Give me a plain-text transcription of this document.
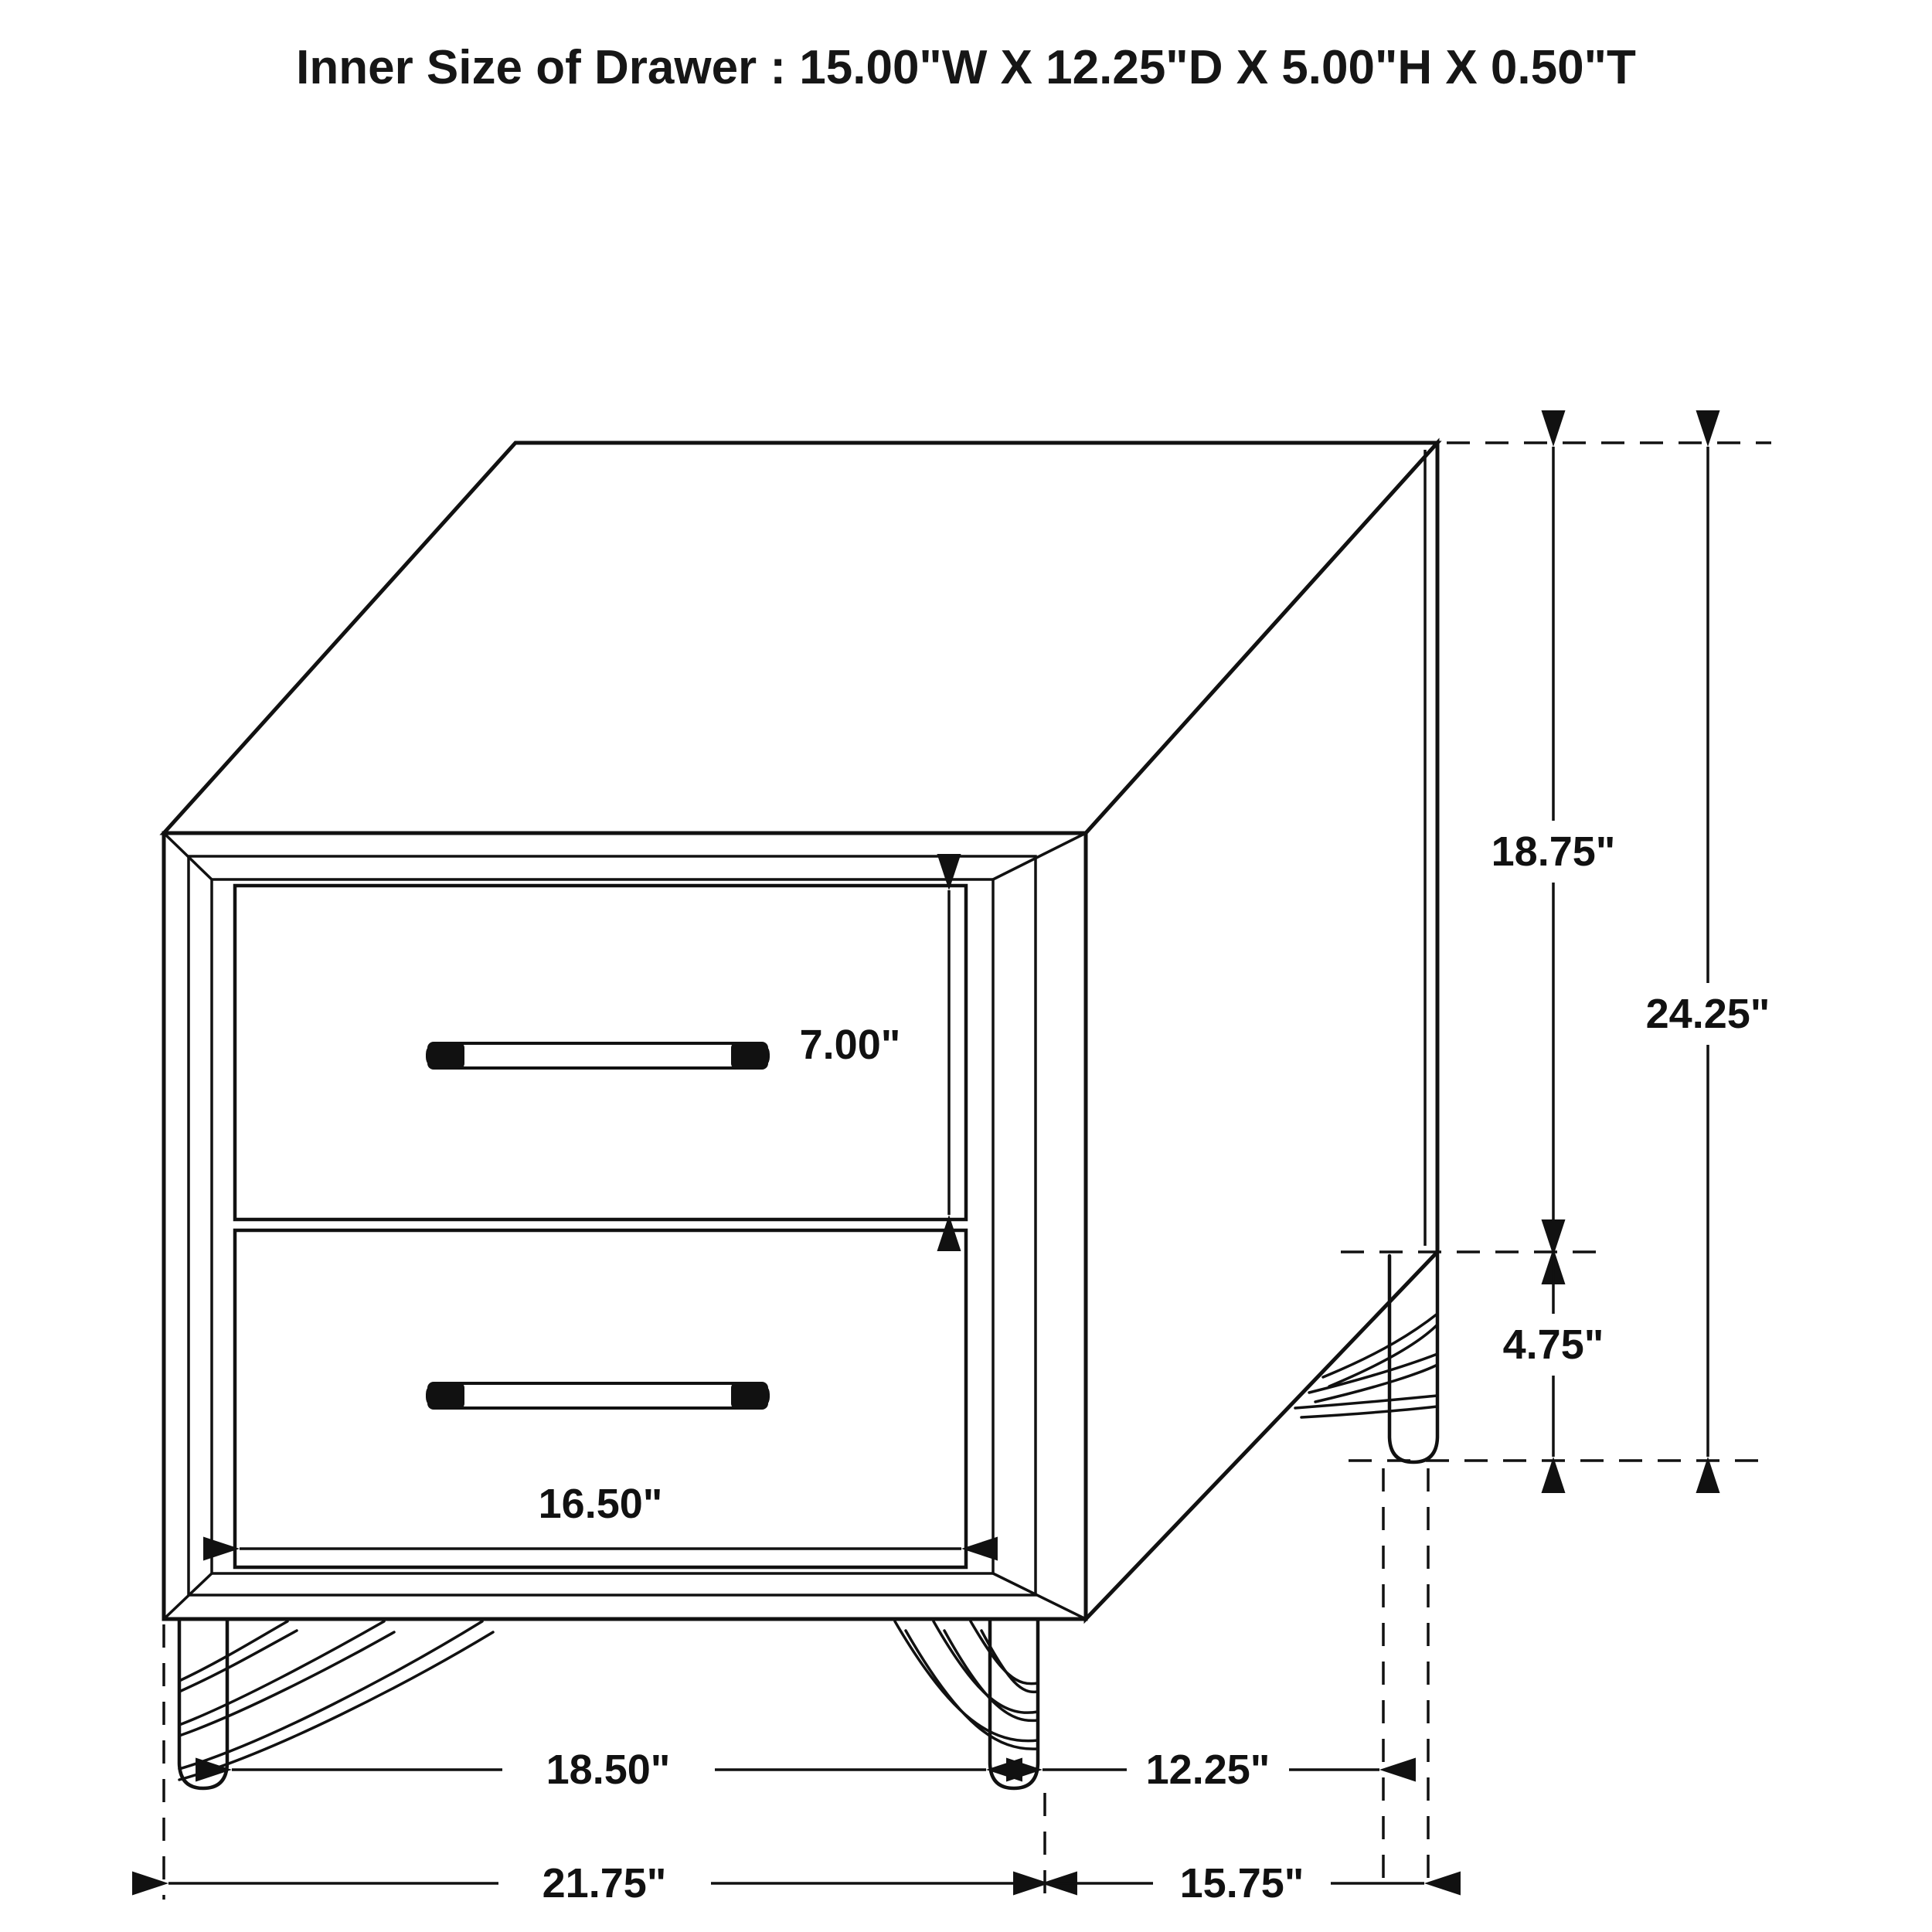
Inner Size of Drawer : 15.00"W X 12.25"D X 5.00"H X 0.50"T
18.75"
24.25"
4.75"
7.00"
16.50"
18.50"	12.25"
21.75"	15.75"
